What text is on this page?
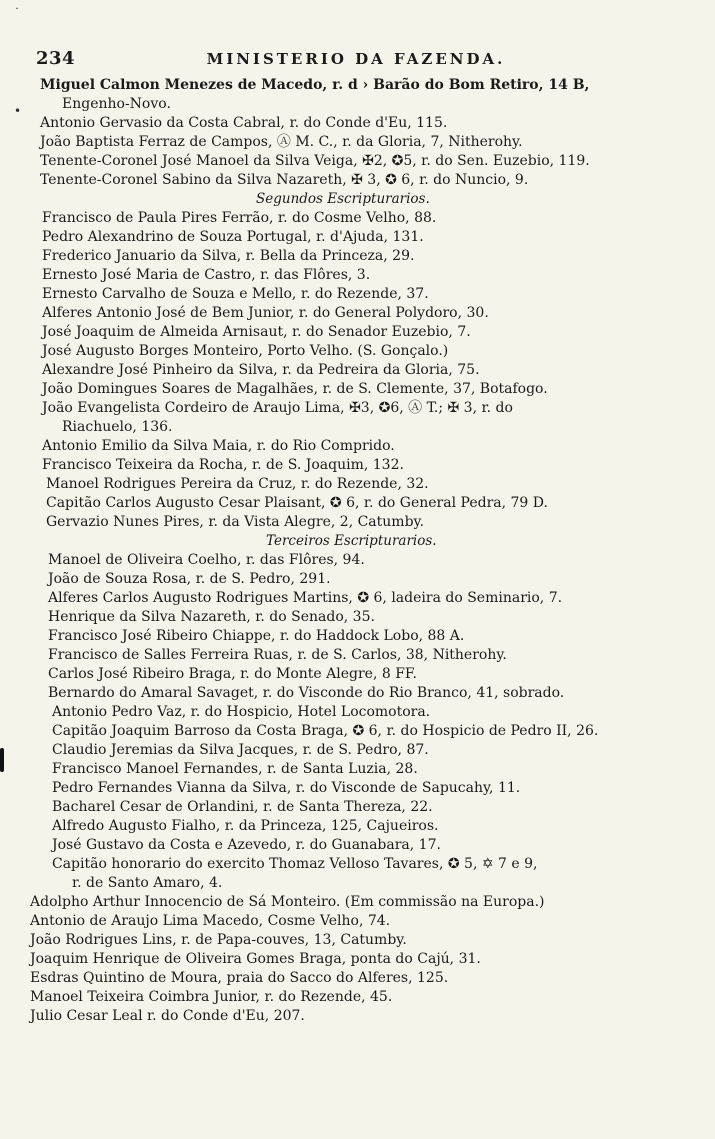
234	MINISTERIO DA FAZENDA.
˙
•
Miguel Calmon Menezes de Macedo, r. d › Barão do Bom Retiro, 14 B,
Engenho-Novo.
Antonio Gervasio da Costa Cabral, r. do Conde d'Eu, 115.
João Baptista Ferraz de Campos, Ⓐ M. C., r. da Gloria, 7, Nitherohy.
Tenente-Coronel José Manoel da Silva Veiga, ✠2, ✪5, r. do Sen. Euzebio, 119.
Tenente-Coronel Sabino da Silva Nazareth, ✠ 3, ✪ 6, r. do Nuncio, 9.
Segundos Escripturarios.
Francisco de Paula Pires Ferrão, r. do Cosme Velho, 88.
Pedro Alexandrino de Souza Portugal, r. d'Ajuda, 131.
Frederico Januario da Silva, r. Bella da Princeza, 29.
Ernesto José Maria de Castro, r. das Flôres, 3.
Ernesto Carvalho de Souza e Mello, r. do Rezende, 37.
Alferes Antonio José de Bem Junior, r. do General Polydoro, 30.
José Joaquim de Almeida Arnisaut, r. do Senador Euzebio, 7.
José Augusto Borges Monteiro, Porto Velho. (S. Gonçalo.)
Alexandre José Pinheiro da Silva, r. da Pedreira da Gloria, 75.
João Domingues Soares de Magalhães, r. de S. Clemente, 37, Botafogo.
João Evangelista Cordeiro de Araujo Lima, ✠3, ✪6, Ⓐ T.; ✠ 3, r. do
Riachuelo, 136.
Antonio Emilio da Silva Maia, r. do Rio Comprido.
Francisco Teixeira da Rocha, r. de S. Joaquim, 132.
Manoel Rodrigues Pereira da Cruz, r. do Rezende, 32.
Capitão Carlos Augusto Cesar Plaisant, ✪ 6, r. do General Pedra, 79 D.
Gervazio Nunes Pires, r. da Vista Alegre, 2, Catumby.
Terceiros Escripturarios.
Manoel de Oliveira Coelho, r. das Flôres, 94.
João de Souza Rosa, r. de S. Pedro, 291.
Alferes Carlos Augusto Rodrigues Martins, ✪ 6, ladeira do Seminario, 7.
Henrique da Silva Nazareth, r. do Senado, 35.
Francisco José Ribeiro Chiappe, r. do Haddock Lobo, 88 A.
Francisco de Salles Ferreira Ruas, r. de S. Carlos, 38, Nitherohy.
Carlos José Ribeiro Braga, r. do Monte Alegre, 8 FF.
Bernardo do Amaral Savaget, r. do Visconde do Rio Branco, 41, sobrado.
Antonio Pedro Vaz, r. do Hospicio, Hotel Locomotora.
Capitão Joaquim Barroso da Costa Braga, ✪ 6, r. do Hospicio de Pedro II, 26.
Claudio Jeremias da Silva Jacques, r. de S. Pedro, 87.
Francisco Manoel Fernandes, r. de Santa Luzia, 28.
Pedro Fernandes Vianna da Silva, r. do Visconde de Sapucahy, 11.
Bacharel Cesar de Orlandini, r. de Santa Thereza, 22.
Alfredo Augusto Fialho, r. da Princeza, 125, Cajueiros.
José Gustavo da Costa e Azevedo, r. do Guanabara, 17.
Capitão honorario do exercito Thomaz Velloso Tavares, ✪ 5, ✡ 7 e 9,
r. de Santo Amaro, 4.
Adolpho Arthur Innocencio de Sá Monteiro. (Em commissão na Europa.)
Antonio de Araujo Lima Macedo, Cosme Velho, 74.
João Rodrigues Lins, r. de Papa-couves, 13, Catumby.
Joaquim Henrique de Oliveira Gomes Braga, ponta do Cajú, 31.
Esdras Quintino de Moura, praia do Sacco do Alferes, 125.
Manoel Teixeira Coimbra Junior, r. do Rezende, 45.
Julio Cesar Leal r. do Conde d'Eu, 207.
